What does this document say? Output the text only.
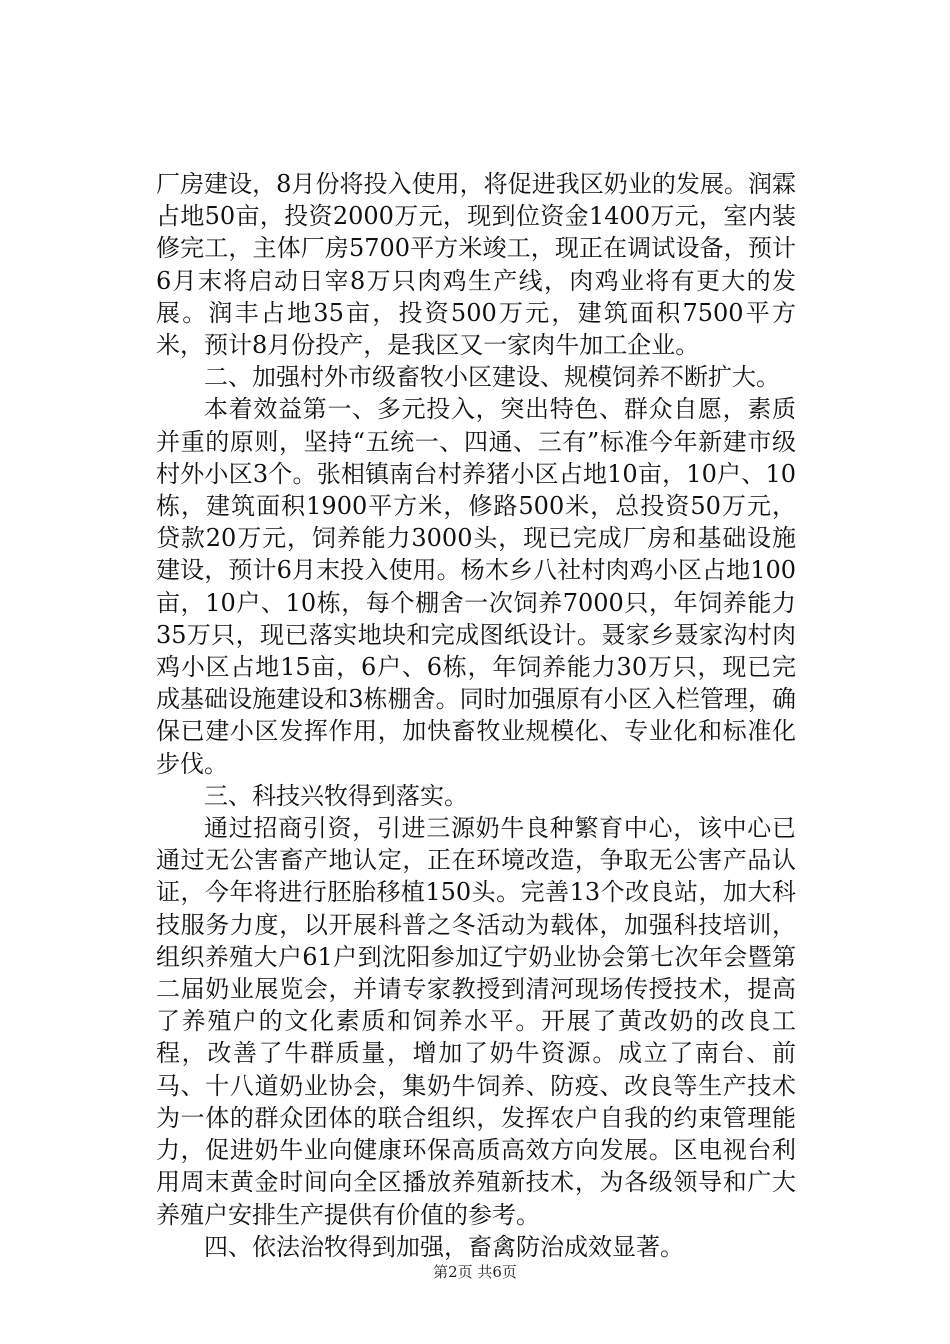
厂房建设，8月份将投入使用，将促进我区奶业的发展。润霖占地50亩，投资2000万元，现到位资金1400万元，室内装修完工，主体厂房5700平方米竣工，现正在调试设备，预计6月末将启动日宰8万只肉鸡生产线，肉鸡业将有更大的发展。润丰占地35亩，投资500万元，建筑面积7500平方米，预计8月份投产，是我区又一家肉牛加工企业。

二、加强村外市级畜牧小区建设、规模饲养不断扩大。

本着效益第一、多元投入，突出特色、群众自愿，素质并重的原则，坚持“五统一、四通、三有”标准今年新建市级村外小区3个。张相镇南台村养猪小区占地10亩，10户、10栋，建筑面积1900平方米，修路500米，总投资50万元，贷款20万元，饲养能力3000头，现已完成厂房和基础设施建设，预计6月末投入使用。杨木乡八社村肉鸡小区占地100亩，10户、10栋，每个棚舍一次饲养7000只，年饲养能力35万只，现已落实地块和完成图纸设计。聂家乡聂家沟村肉鸡小区占地15亩，6户、6栋，年饲养能力30万只，现已完成基础设施建设和3栋棚舍。同时加强原有小区入栏管理，确保已建小区发挥作用，加快畜牧业规模化、专业化和标准化步伐。

三、科技兴牧得到落实。

通过招商引资，引进三源奶牛良种繁育中心，该中心已通过无公害畜产地认定，正在环境改造，争取无公害产品认证，今年将进行胚胎移植150头。完善13个改良站，加大科技服务力度，以开展科普之冬活动为载体，加强科技培训，组织养殖大户61户到沈阳参加辽宁奶业协会第七次年会暨第二届奶业展览会，并请专家教授到清河现场传授技术，提高了养殖户的文化素质和饲养水平。开展了黄改奶的改良工程，改善了牛群质量，增加了奶牛资源。成立了南台、前马、十八道奶业协会，集奶牛饲养、防疫、改良等生产技术为一体的群众团体的联合组织，发挥农户自我的约束管理能力，促进奶牛业向健康环保高质高效方向发展。区电视台利用周末黄金时间向全区播放养殖新技术，为各级领导和广大养殖户安排生产提供有价值的参考。

四、依法治牧得到加强，畜禽防治成效显著。

第2页 共6页
